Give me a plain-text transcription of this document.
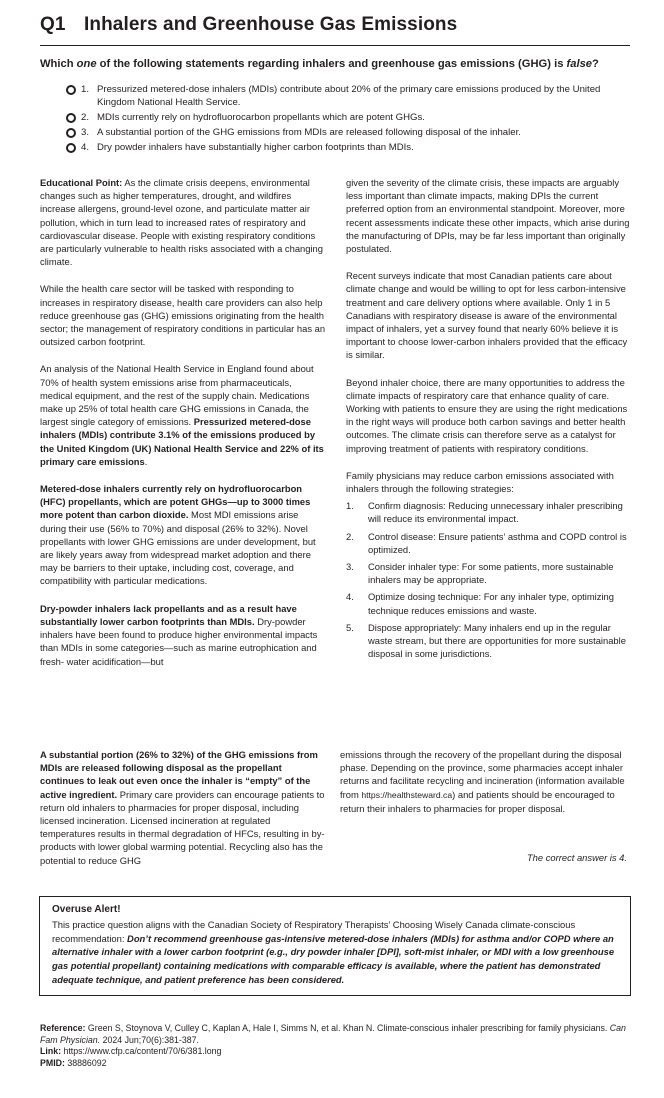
Q1 Inhalers and Greenhouse Gas Emissions
Which one of the following statements regarding inhalers and greenhouse gas emissions (GHG) is false?
1. Pressurized metered-dose inhalers (MDIs) contribute about 20% of the primary care emissions produced by the United Kingdom National Health Service.
2. MDIs currently rely on hydrofluorocarbon propellants which are potent GHGs.
3. A substantial portion of the GHG emissions from MDIs are released following disposal of the inhaler.
4. Dry powder inhalers have substantially higher carbon footprints than MDIs.

Educational Point: As the climate crisis deepens, environmental changes such as higher temperatures, drought, and wildfires increase allergens, ground-level ozone, and particulate matter air pollution, which in turn lead to increased rates of respiratory and cardiovascular disease. People with existing respiratory conditions are particularly vulnerable to health risks associated with a changing climate.

While the health care sector will be tasked with responding to increases in respiratory disease, health care providers can also help reduce greenhouse gas (GHG) emissions originating from the health sector; the management of respiratory conditions in particular has an outsized carbon footprint.

An analysis of the National Health Service in England found about 70% of health system emissions arise from pharmaceuticals, medical equipment, and the rest of the supply chain. Medications make up 25% of total health care GHG emissions in Canada, the largest single category of emissions. Pressurized metered-dose inhalers (MDIs) contribute 3.1% of the emissions produced by the United Kingdom (UK) National Health Service and 22% of its primary care emissions.

Metered-dose inhalers currently rely on hydrofluorocarbon (HFC) propellants, which are potent GHGs—up to 3000 times more potent than carbon dioxide. Most MDI emissions arise during their use (56% to 70%) and disposal (26% to 32%). Novel propellants with lower GHG emissions are under development, but are likely years away from widespread market adoption and there may be barriers to their uptake, including cost, coverage, and compatibility with particular medications.

Dry-powder inhalers lack propellants and as a result have substantially lower carbon footprints than MDIs. Dry-powder inhalers have been found to produce higher environmental impacts than MDIs in some categories—such as marine eutrophication and fresh- water acidification—but

given the severity of the climate crisis, these impacts are arguably less important than climate impacts, making DPIs the current preferred option from an environmental standpoint. Moreover, more recent assessments indicate these other impacts, which arise during the manufacturing of DPIs, may be far less important than originally postulated.

Recent surveys indicate that most Canadian patients care about climate change and would be willing to opt for less carbon-intensive treatment and care delivery options where available. Only 1 in 5 Canadians with respiratory disease is aware of the environmental impact of inhalers, yet a survey found that nearly 60% believe it is important to choose lower-carbon inhalers provided that the efficacy is similar.

Beyond inhaler choice, there are many opportunities to address the climate impacts of respiratory care that enhance quality of care. Working with patients to ensure they are using the right medications in the right ways will produce both carbon savings and better health outcomes. The climate crisis can therefore serve as a catalyst for improving treatment of patients with respiratory conditions.

Family physicians may reduce carbon emissions associated with inhalers through the following strategies:
1. Confirm diagnosis: Reducing unnecessary inhaler prescribing will reduce its environmental impact.
2. Control disease: Ensure patients’ asthma and COPD control is optimized.
3. Consider inhaler type: For some patients, more sustainable inhalers may be appropriate.
4. Optimize dosing technique: For any inhaler type, optimizing technique reduces emissions and waste.
5. Dispose appropriately: Many inhalers end up in the regular waste stream, but there are opportunities for more sustainable disposal in some jurisdictions.
A substantial portion (26% to 32%) of the GHG emissions from MDIs are released following disposal as the propellant continues to leak out even once the inhaler is “empty” of the active ingredient. Primary care providers can encourage patients to return old inhalers to pharmacies for proper disposal, including licensed incineration. Licensed incineration at regulated temperatures results in thermal degradation of HFCs, resulting in by-products with lower global warming potential. Recycling also has the potential to reduce GHG
emissions through the recovery of the propellant during the disposal phase. Depending on the province, some pharmacies accept inhaler returns and facilitate recycling and incineration (information available from https://healthsteward.ca) and patients should be encouraged to return their inhalers to pharmacies for proper disposal.
The correct answer is 4.
Overuse Alert!
This practice question aligns with the Canadian Society of Respiratory Therapists’ Choosing Wisely Canada climate-conscious recommendation: Don’t recommend greenhouse gas-intensive metered-dose inhalers (MDIs) for asthma and/or COPD where an alternative inhaler with a lower carbon footprint (e.g., dry powder inhaler [DPI], soft-mist inhaler, or MDI with a low greenhouse gas potential propellant) containing medications with comparable efficacy is available, where the patient has demonstrated adequate technique, and patient preference has been considered.
Reference: Green S, Stoynova V, Culley C, Kaplan A, Hale I, Simms N, et al. Khan N. Climate-conscious inhaler prescribing for family physicians. Can Fam Physician. 2024 Jun;70(6):381-387.
Link: https://www.cfp.ca/content/70/6/381.long
PMID: 38886092
